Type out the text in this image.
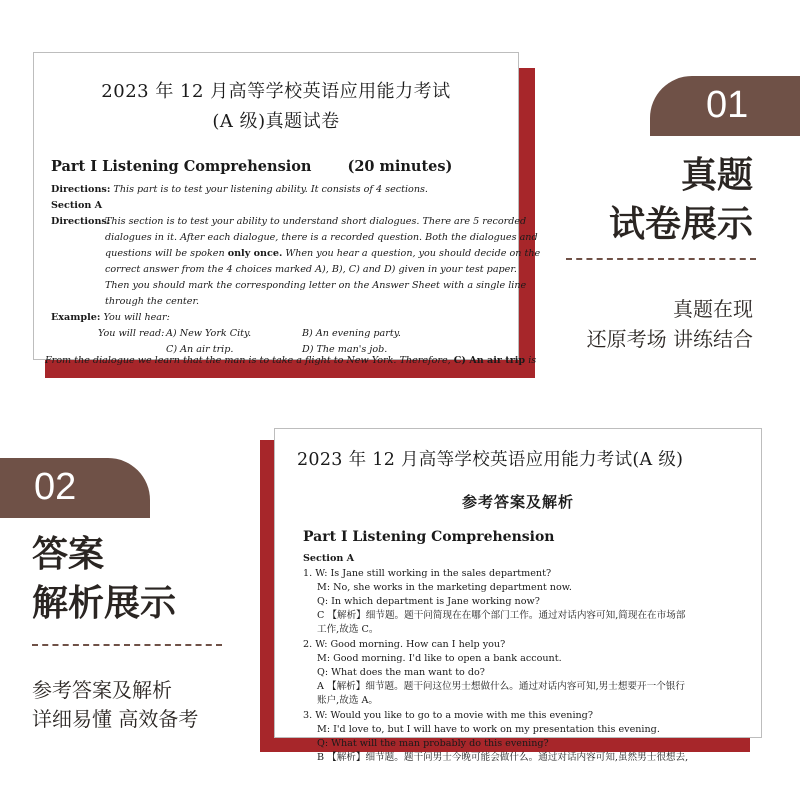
2023 年 12 月高等学校英语应用能力考试
(A 级)真题试卷
Part Ⅰ Listening Comprehension (20 minutes)
Directions: This part is to test your listening ability. It consists of 4 sections.
Section A
Directions:
This section is to test your ability to understand short dialogues. There are 5 recorded
dialogues in it. After each dialogue, there is a recorded question. Both the dialogues and
questions will be spoken only once. When you hear a question, you should decide on the
correct answer from the 4 choices marked A), B), C) and D) given in your test paper.
Then you should mark the corresponding letter on the Answer Sheet with a single line
through the center.
Example: You will hear:
You will read: A) New York City.	B) An evening party.
C) An air trip.	D) The man's job.
From the dialogue we learn that the man is to take a flight to New York. Therefore, C) An air trip is
01
真题
试卷展示
真题在现
还原考场 讲练结合
2023 年 12 月高等学校英语应用能力考试(A 级)
参考答案及解析
Part Ⅰ Listening Comprehension
Section A
1. W: Is Jane still working in the sales department?
M: No, she works in the marketing department now.
Q: In which department is Jane working now?
C 【解析】细节题。题干问简现在在哪个部门工作。通过对话内容可知,简现在在市场部
工作,故选 C。
2. W: Good morning. How can I help you?
M: Good morning. I'd like to open a bank account.
Q: What does the man want to do?
A 【解析】细节题。题干问这位男士想做什么。通过对话内容可知,男士想要开一个银行
账户,故选 A。
3. W: Would you like to go to a movie with me this evening?
M: I'd love to, but I will have to work on my presentation this evening.
Q: What will the man probably do this evening?
B 【解析】细节题。题干问男士今晚可能会做什么。通过对话内容可知,虽然男士很想去,
02
答案
解析展示
参考答案及解析
详细易懂 高效备考
